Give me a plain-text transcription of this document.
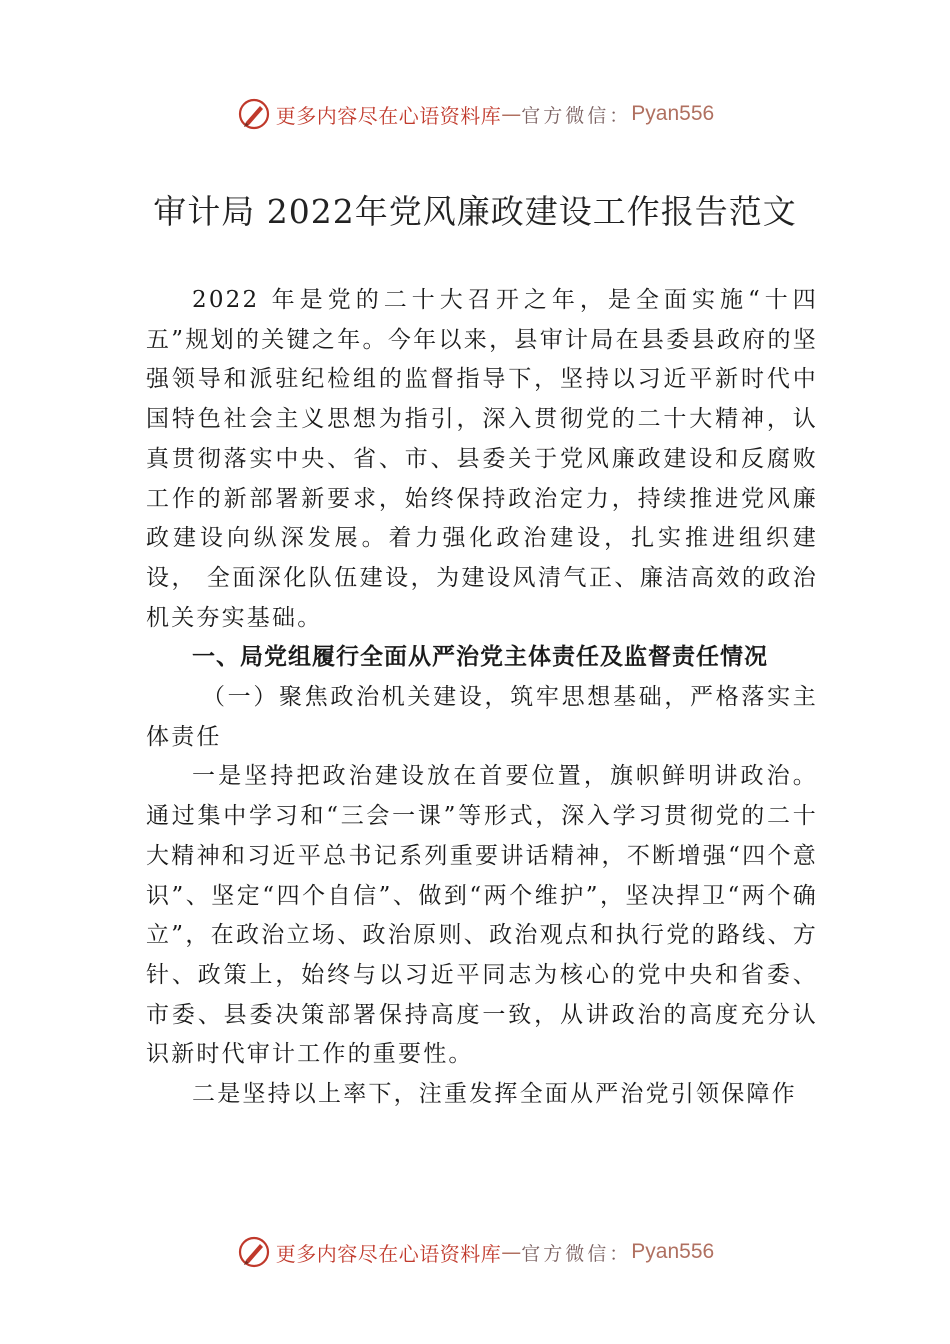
更多内容尽在心语资料库 — 官方微信： Pyan556
审计局 2022年党风廉政建设工作报告范文

2022 年是党的二十大召开之年，是全面实施“十四五”规划的关键之年。今年以来，县审计局在县委县政府的坚强领导和派驻纪检组的监督指导下，坚持以习近平新时代中国特色社会主义思想为指引，深入贯彻党的二十大精神，认真贯彻落实中央、省、市、县委关于党风廉政建设和反腐败工作的新部署新要求，始终保持政治定力，持续推进党风廉政建设向纵深发展。着力强化政治建设，扎实推进组织建设， 全面深化队伍建设，为建设风清气正、廉洁高效的政治机关夯实基础。

一、局党组履行全面从严治党主体责任及监督责任情况

（一）聚焦政治机关建设，筑牢思想基础，严格落实主体责任

一是坚持把政治建设放在首要位置，旗帜鲜明讲政治。通过集中学习和“三会一课”等形式，深入学习贯彻党的二十大精神和习近平总书记系列重要讲话精神，不断增强“四个意识”、坚定“四个自信”、做到“两个维护”，坚决捍卫“两个确立”，在政治立场、政治原则、政治观点和执行党的路线、方针、政策上，始终与以习近平同志为核心的党中央和省委、市委、县委决策部署保持高度一致，从讲政治的高度充分认识新时代审计工作的重要性。

二是坚持以上率下，注重发挥全面从严治党引领保障作

更多内容尽在心语资料库 — 官方微信： Pyan556
